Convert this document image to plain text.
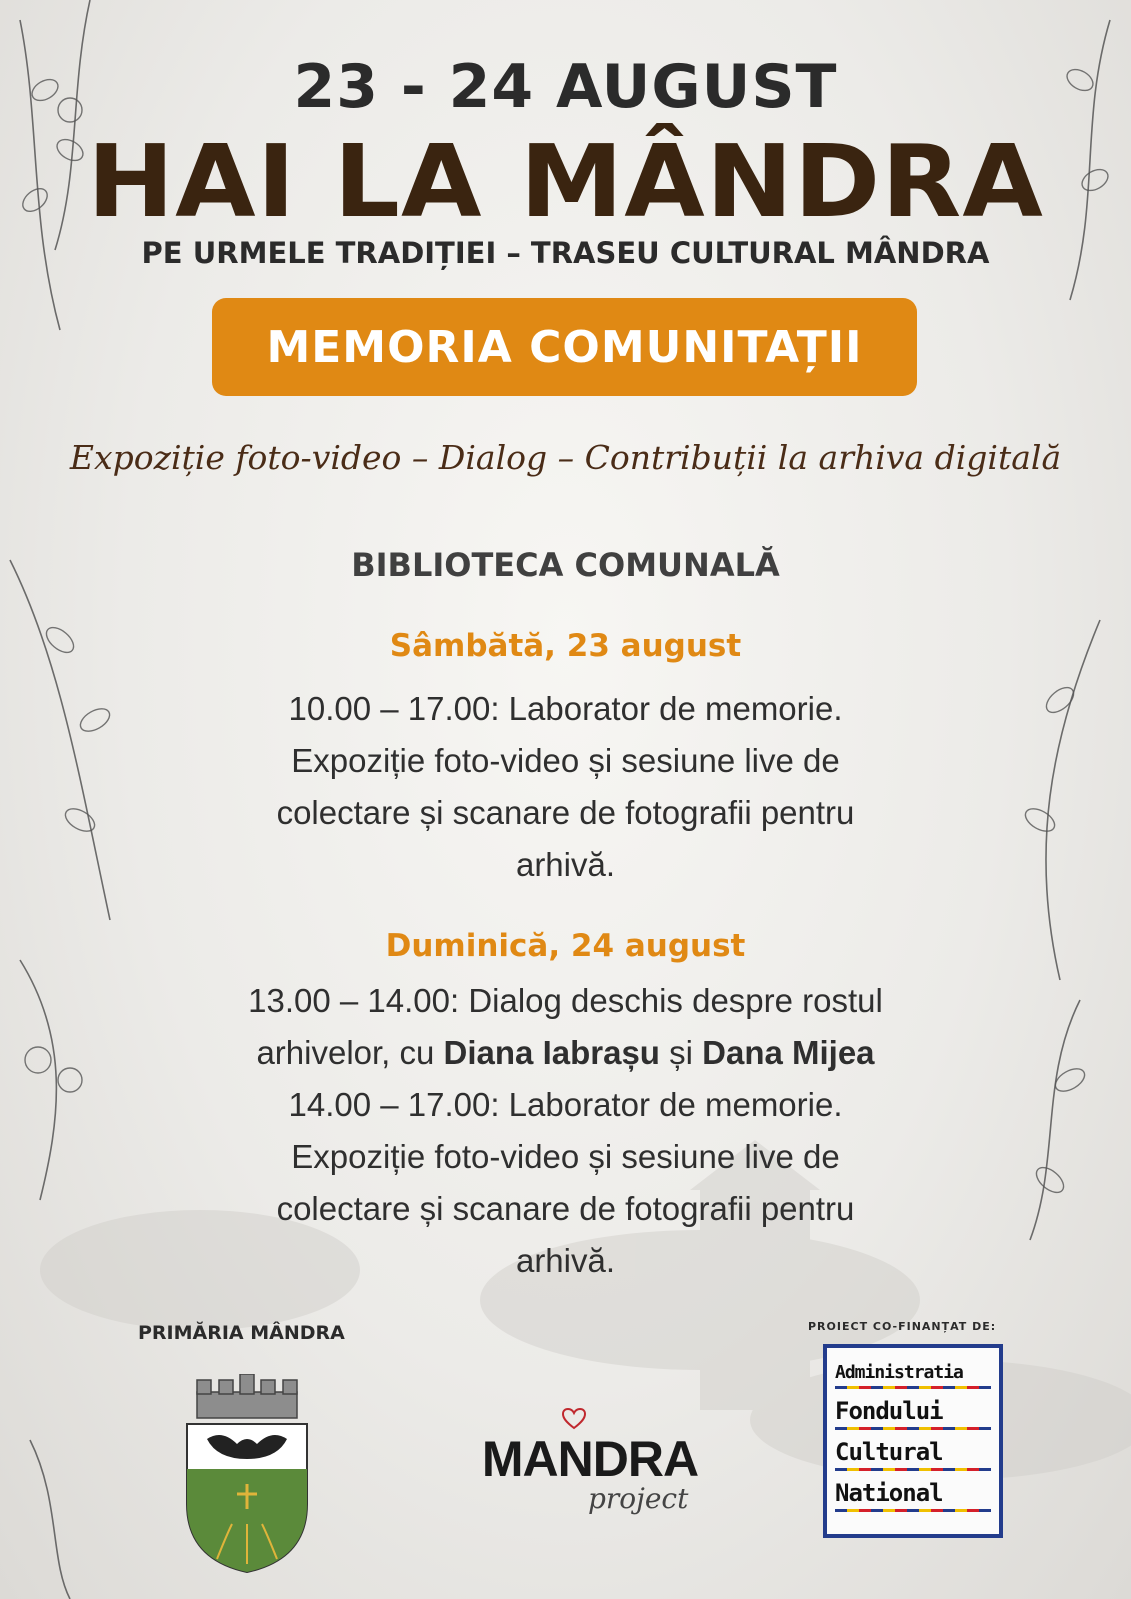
23 - 24 AUGUST
HAI LA MÂNDRA
PE URMELE TRADIȚIEI – TRASEU CULTURAL MÂNDRA
MEMORIA COMUNITAȚII
Expoziție foto-video – Dialog – Contribuții la arhiva digitală
BIBLIOTECA COMUNALĂ
Sâmbătă, 23 august
10.00 – 17.00: Laborator de memorie.
Expoziție foto-video și sesiune live de
colectare și scanare de fotografii pentru
arhivă.
Duminică, 24 august
13.00 – 14.00: Dialog deschis despre rostul
arhivelor, cu Diana Iabrașu și Dana Mijea
14.00 – 17.00: Laborator de memorie.
Expoziție foto-video și sesiune live de
colectare și scanare de fotografii pentru
arhivă.
PRIMĂRIA MÂNDRA
MANDRA
project
PROIECT CO-FINANȚAT DE:
Administratia
Fondului
Cultural
National
